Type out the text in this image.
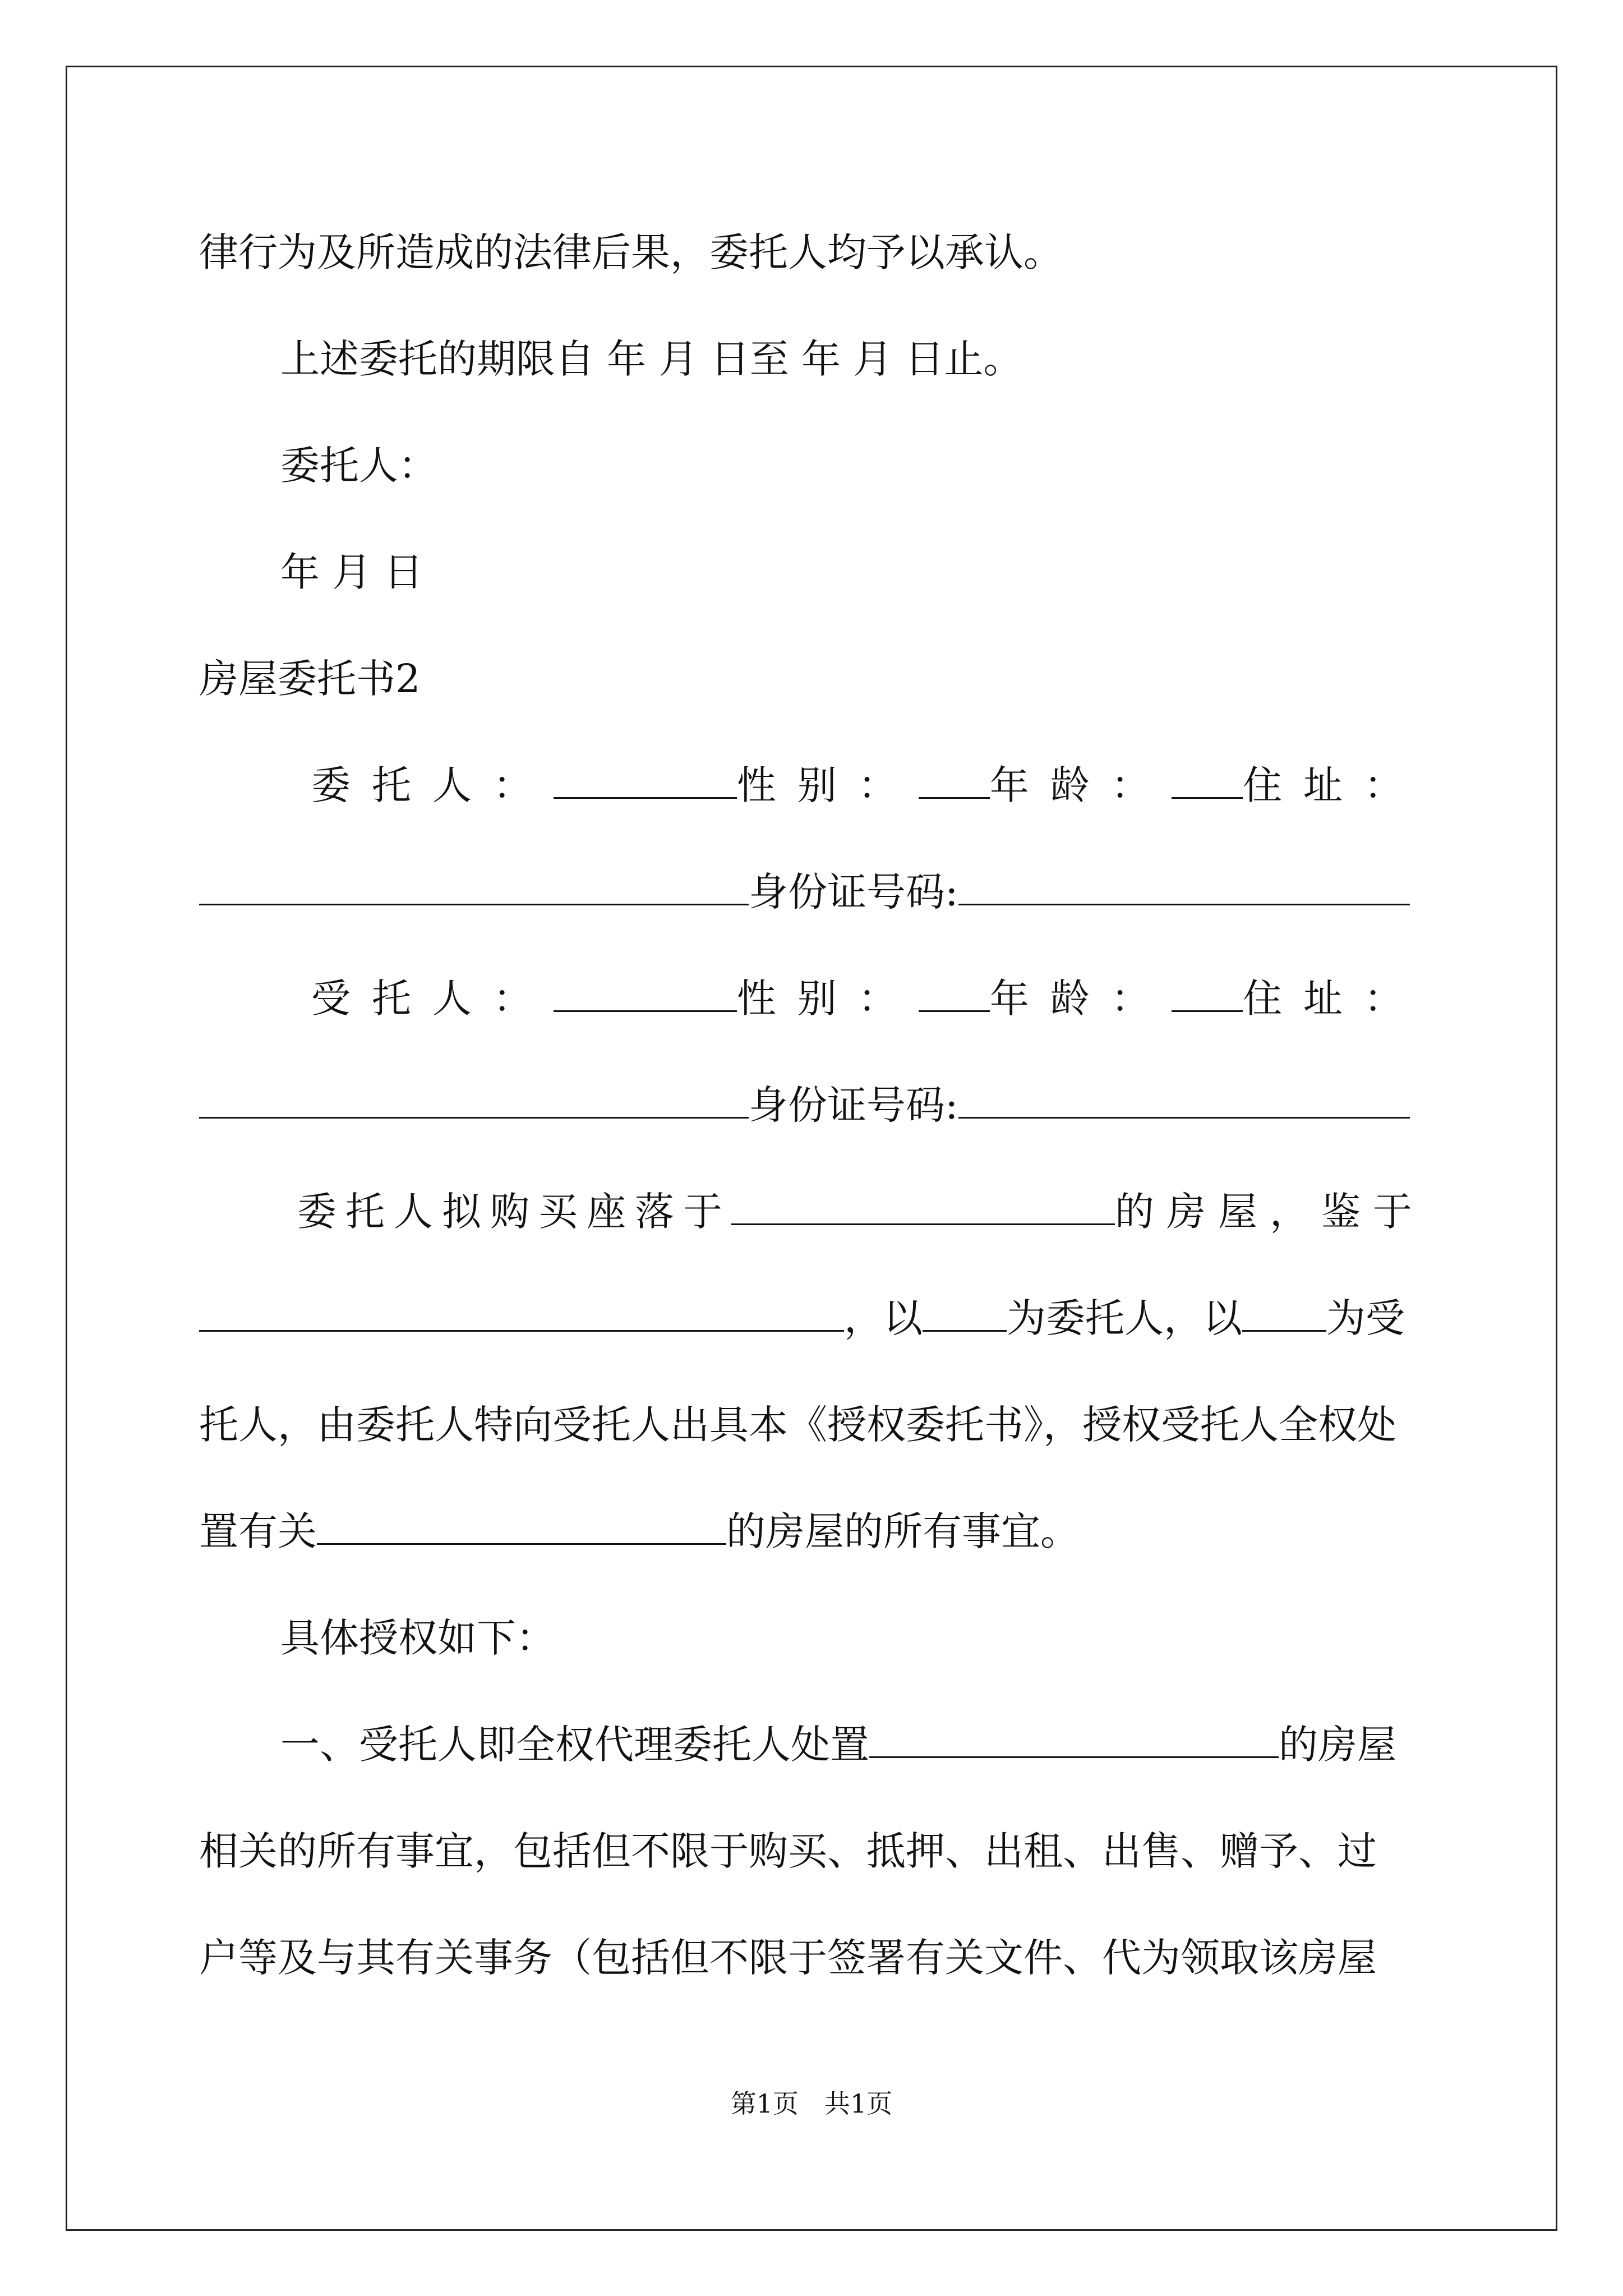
律行为及所造成的法律后果，委托人均予以承认。
上述委托的期限自 年 月 日至 年 月 日止。
委托人：
年 月 日
房屋委托书2
委托人：	性别： 年龄： 住址：
身份证号码:
受托人：	性别： 年龄： 住址：
身份证号码:
委托人拟购买座落于	的房屋，鉴于
，以 为委托人，以 为受
托人，由委托人特向受托人出具本《授权委托书》，授权受托人全权处
置有关	的房屋的所有事宜。
具体授权如下：
一、受托人即全权代理委托人处置	的房屋
相关的所有事宜，包括但不限于购买、抵押、出租、出售、赠予、过
户等及与其有关事务（包括但不限于签署有关文件、代为领取该房屋
第1页　共1页
